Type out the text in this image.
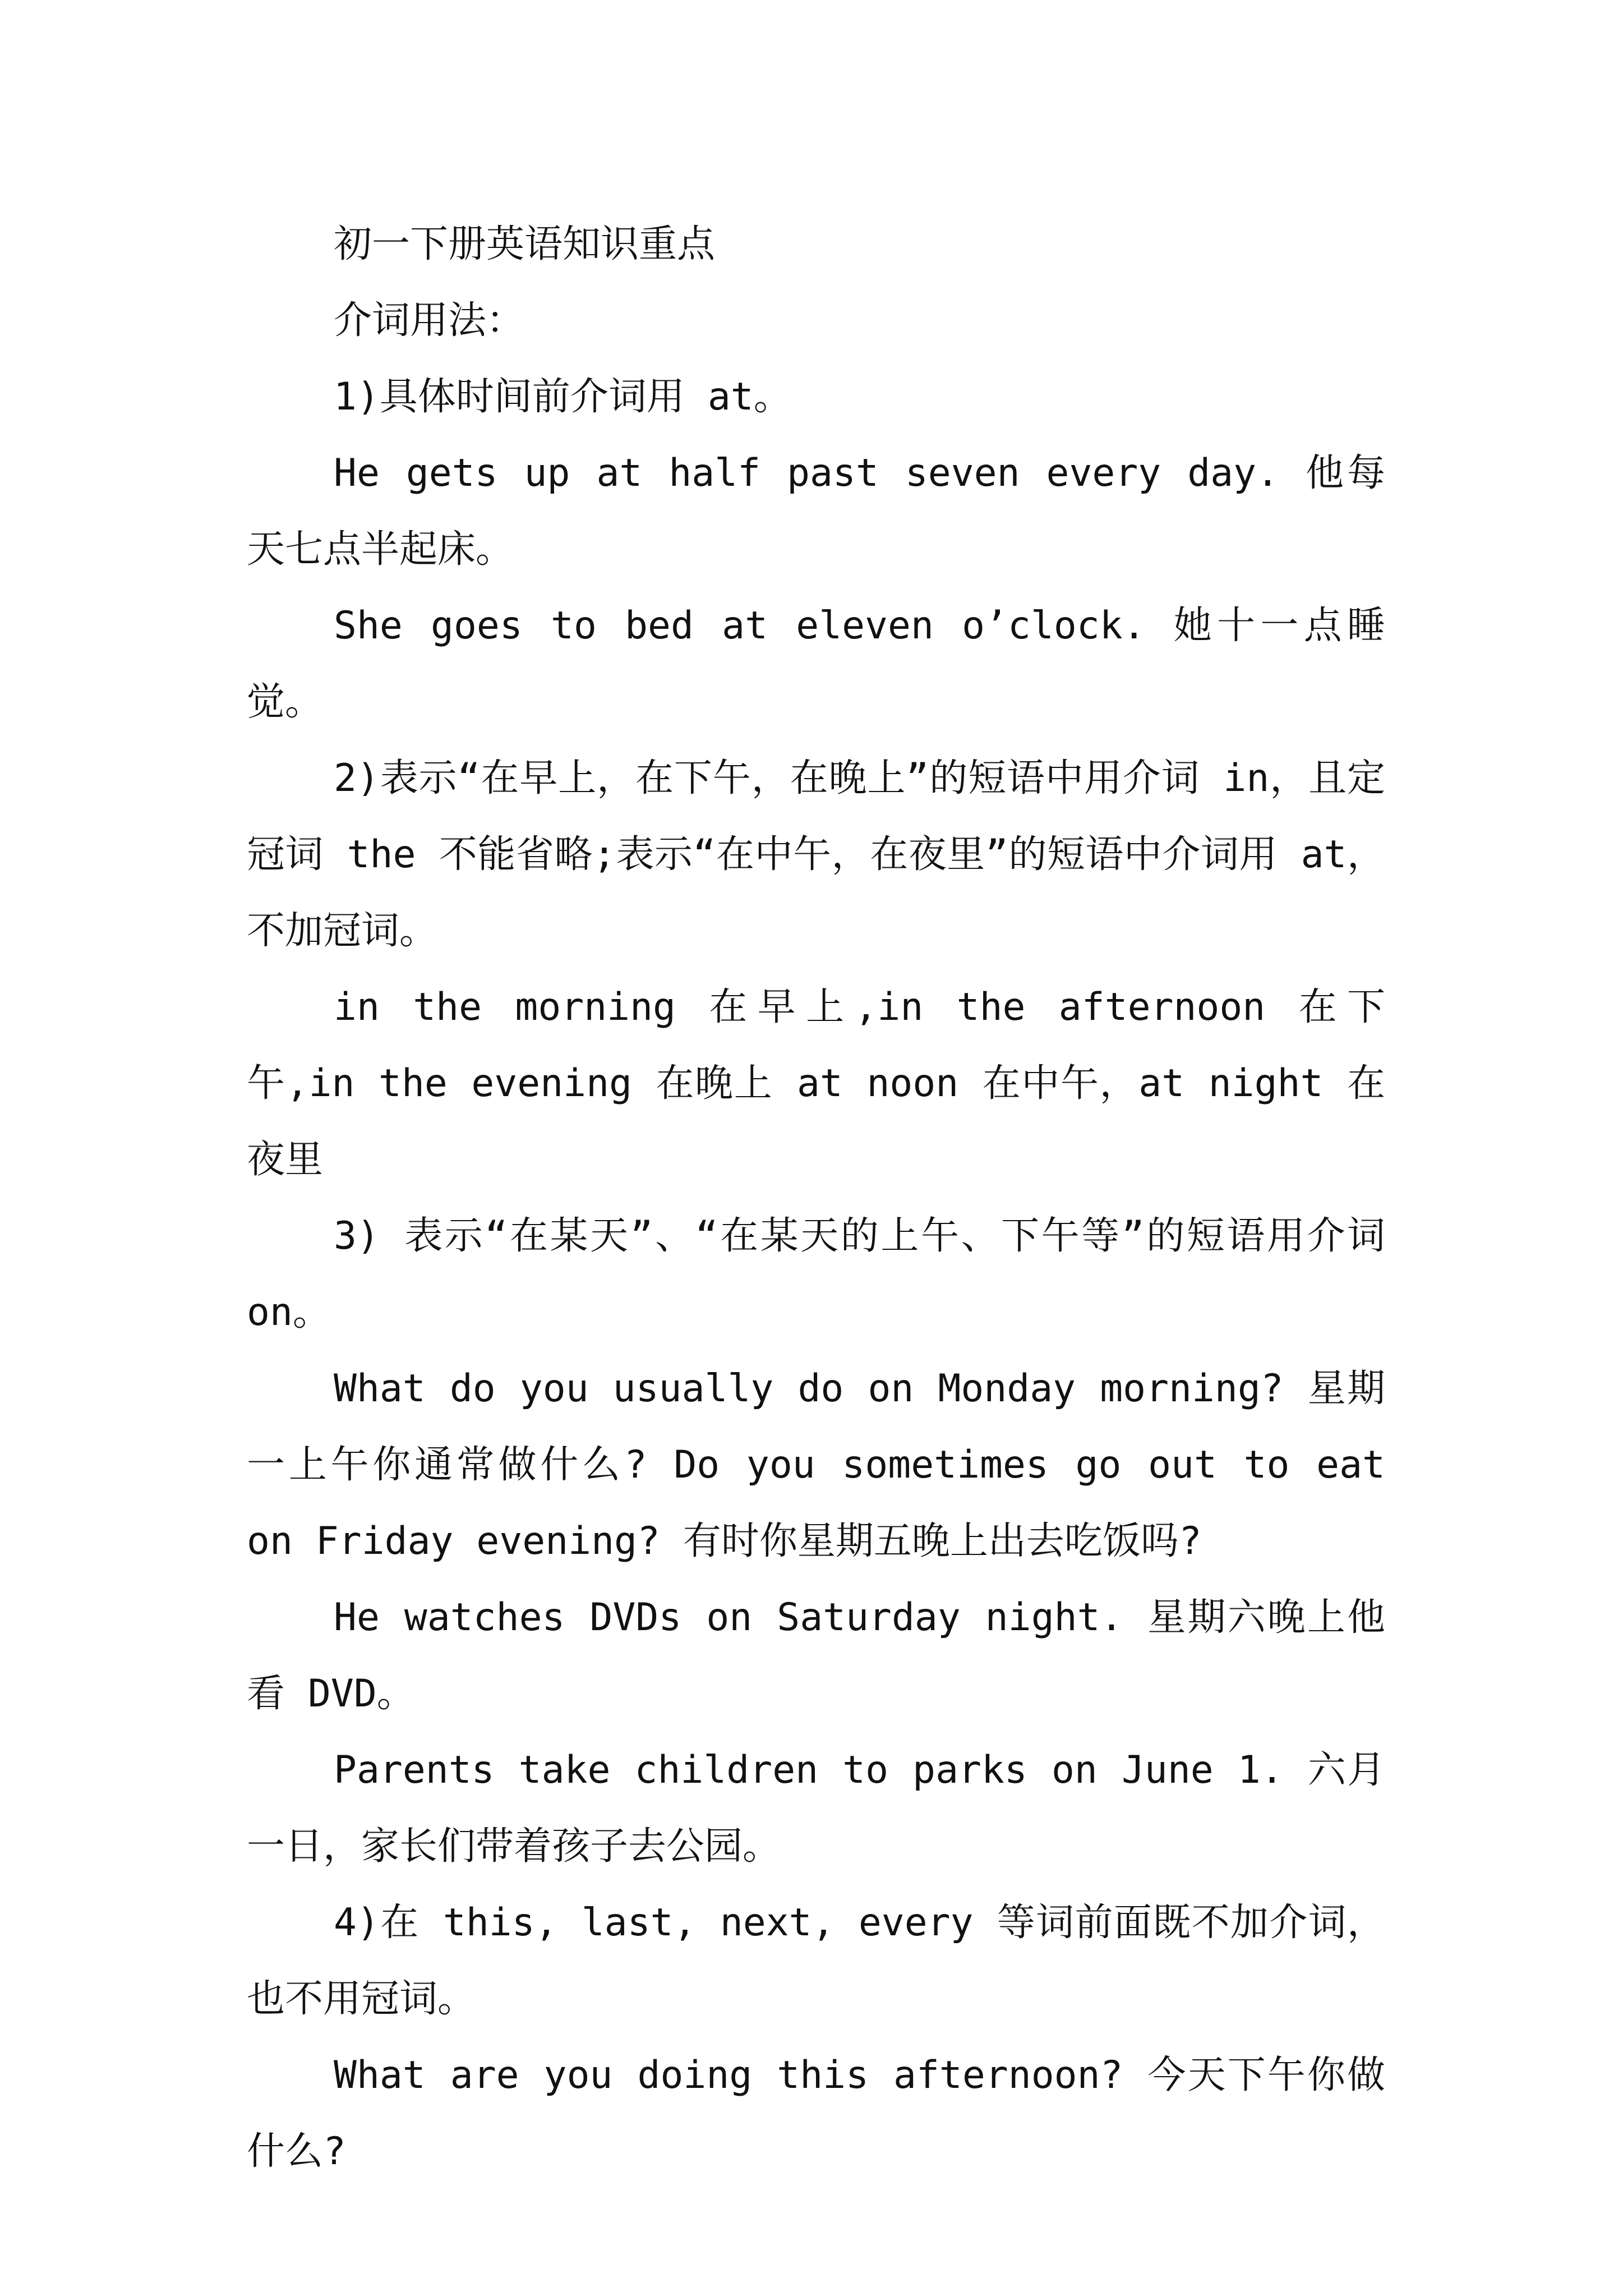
初一下册英语知识重点

介词用法：

1)具体时间前介词用 at。

He gets up at half past seven every day. 他每天七点半起床。

She goes to bed at eleven o’clock. 她十一点睡觉。

2)表示“在早上，在下午，在晚上”的短语中用介词 in，且定冠词 the 不能省略;表示“在中午，在夜里”的短语中介词用 at，不加冠词。

in the morning 在早上,in the afternoon 在下午,in the evening 在晚上 at noon 在中午，at night 在夜里

3) 表示“在某天”、“在某天的上午、下午等”的短语用介词 on。

What do you usually do on Monday morning? 星期一上午你通常做什么? Do you sometimes go out to eat on Friday evening? 有时你星期五晚上出去吃饭吗?

He watches DVDs on Saturday night. 星期六晚上他看 DVD。

Parents take children to parks on June 1. 六月一日，家长们带着孩子去公园。

4)在 this, last, next, every 等词前面既不加介词，也不用冠词。

What are you doing this afternoon? 今天下午你做什么?
